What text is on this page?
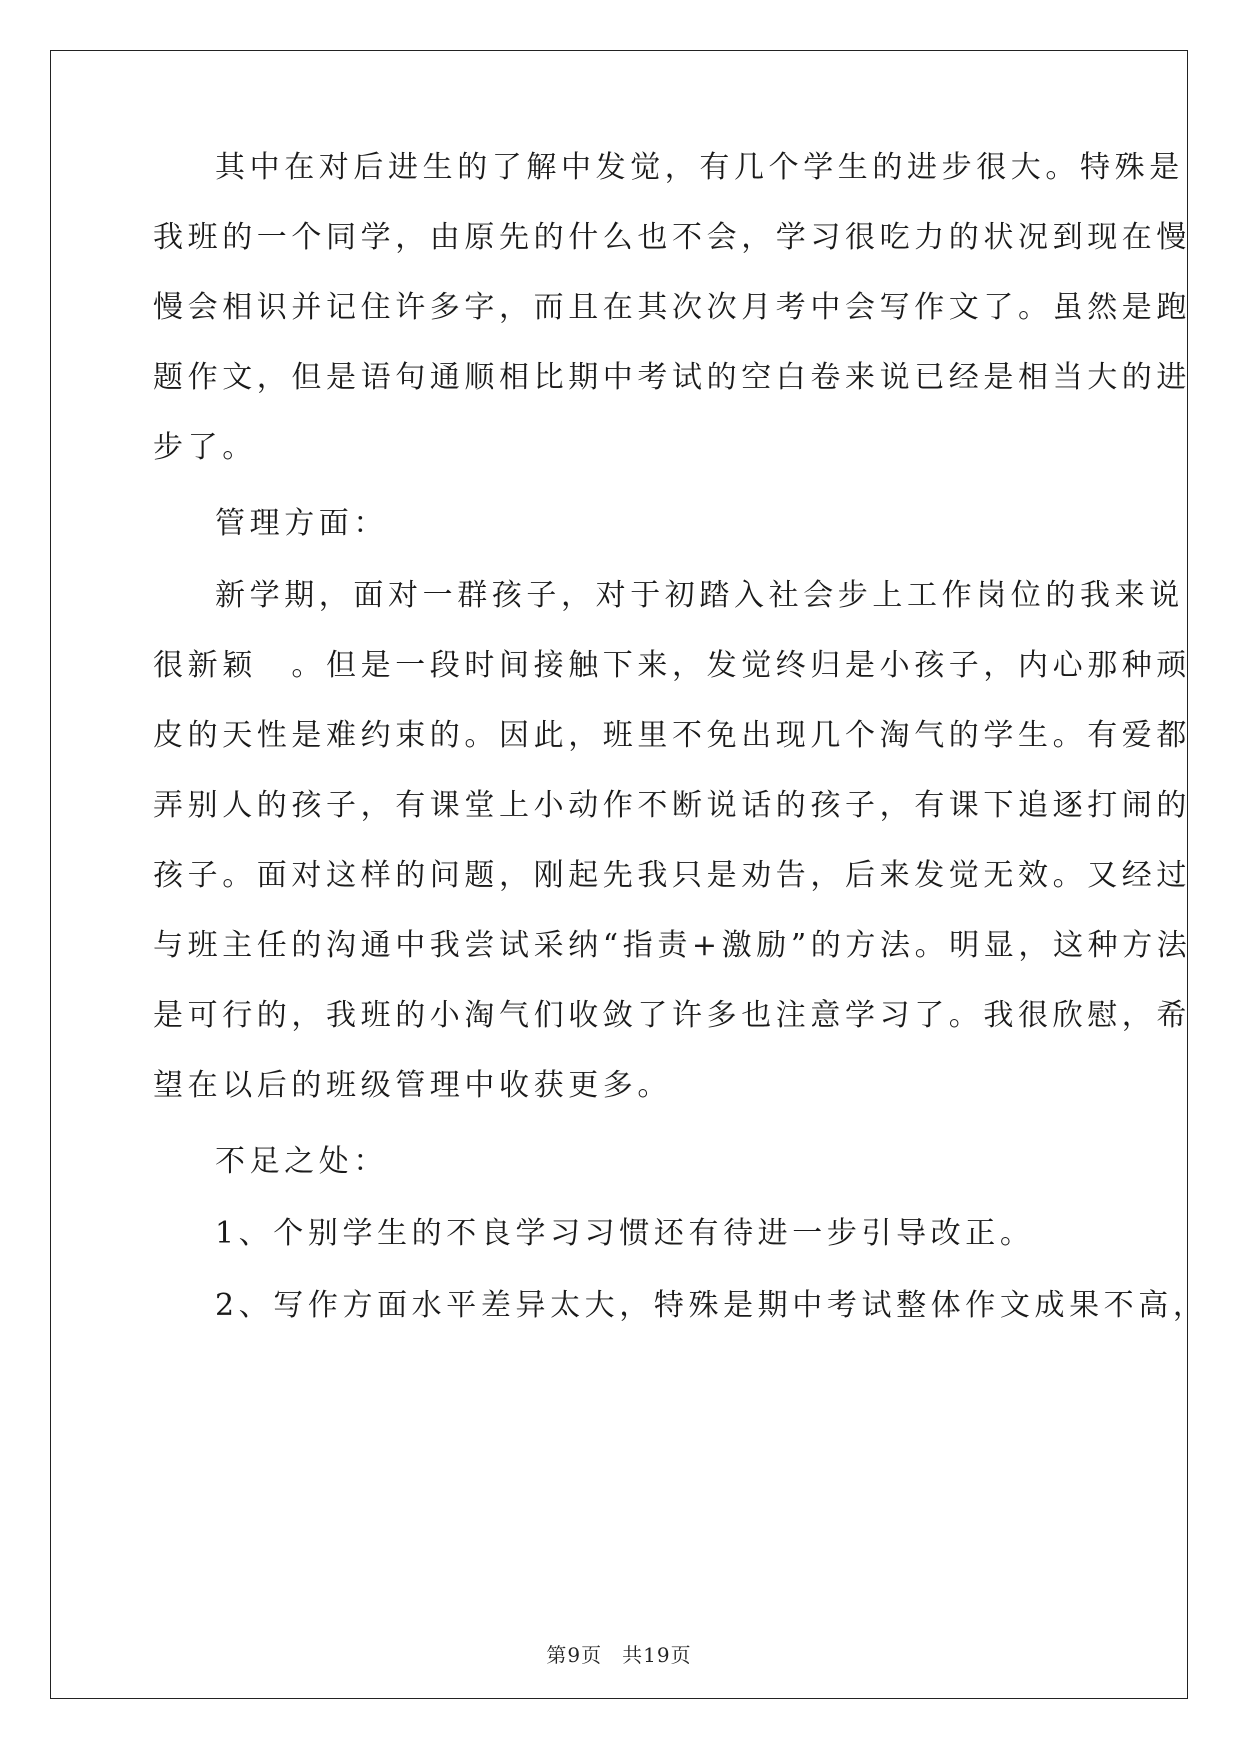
其中在对后进生的了解中发觉，有几个学生的进步很大。特殊是
我班的一个同学，由原先的什么也不会，学习很吃力的状况到现在慢
慢会相识并记住许多字，而且在其次次月考中会写作文了。虽然是跑
题作文，但是语句通顺相比期中考试的空白卷来说已经是相当大的进
步了。
管理方面：
新学期，面对一群孩子，对于初踏入社会步上工作岗位的我来说
很新颖　。但是一段时间接触下来，发觉终归是小孩子，内心那种顽
皮的天性是难约束的。因此，班里不免出现几个淘气的学生。有爱都
弄别人的孩子，有课堂上小动作不断说话的孩子，有课下追逐打闹的
孩子。面对这样的问题，刚起先我只是劝告，后来发觉无效。又经过
与班主任的沟通中我尝试采纳“指责+激励”的方法。明显，这种方法
是可行的，我班的小淘气们收敛了许多也注意学习了。我很欣慰，希
望在以后的班级管理中收获更多。
不足之处：
1、个别学生的不良学习习惯还有待进一步引导改正。
2、写作方面水平差异太大，特殊是期中考试整体作文成果不高，
第9页 共19页
